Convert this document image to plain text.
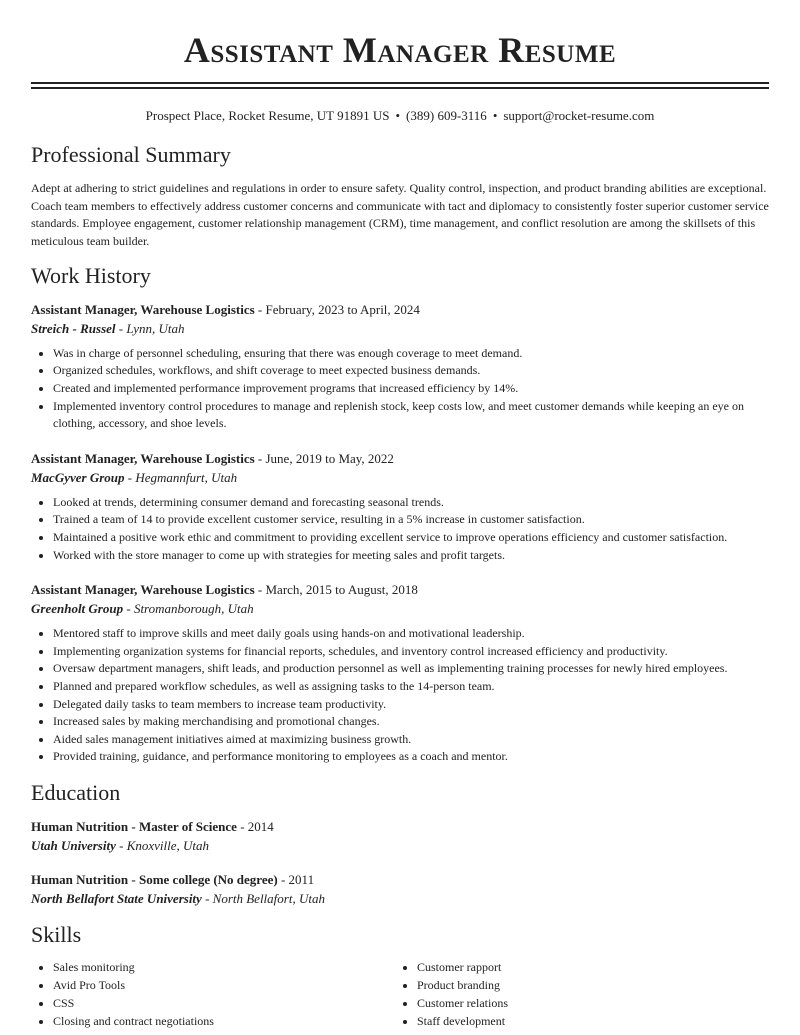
Assistant Manager Resume
Prospect Place, Rocket Resume, UT 91891 US • (389) 609-3116 • support@rocket-resume.com
Professional Summary

Adept at adhering to strict guidelines and regulations in order to ensure safety. Quality control, inspection, and product branding abilities are exceptional. Coach team members to effectively address customer concerns and communicate with tact and diplomacy to consistently foster superior customer service standards. Employee engagement, customer relationship management (CRM), time management, and conflict resolution are among the skillsets of this meticulous team builder.

Work History
Assistant Manager, Warehouse Logistics - February, 2023 to April, 2024
Streich - Russel - Lynn, Utah
• Was in charge of personnel scheduling, ensuring that there was enough coverage to meet demand.
• Organized schedules, workflows, and shift coverage to meet expected business demands.
• Created and implemented performance improvement programs that increased efficiency by 14%.
• Implemented inventory control procedures to manage and replenish stock, keep costs low, and meet customer demands while keeping an eye on clothing, accessory, and shoe levels.
Assistant Manager, Warehouse Logistics - June, 2019 to May, 2022
MacGyver Group - Hegmannfurt, Utah
• Looked at trends, determining consumer demand and forecasting seasonal trends.
• Trained a team of 14 to provide excellent customer service, resulting in a 5% increase in customer satisfaction.
• Maintained a positive work ethic and commitment to providing excellent service to improve operations efficiency and customer satisfaction.
• Worked with the store manager to come up with strategies for meeting sales and profit targets.
Assistant Manager, Warehouse Logistics - March, 2015 to August, 2018
Greenholt Group - Stromanborough, Utah
• Mentored staff to improve skills and meet daily goals using hands-on and motivational leadership.
• Implementing organization systems for financial reports, schedules, and inventory control increased efficiency and productivity.
• Oversaw department managers, shift leads, and production personnel as well as implementing training processes for newly hired employees.
• Planned and prepared workflow schedules, as well as assigning tasks to the 14-person team.
• Delegated daily tasks to team members to increase team productivity.
• Increased sales by making merchandising and promotional changes.
• Aided sales management initiatives aimed at maximizing business growth.
• Provided training, guidance, and performance monitoring to employees as a coach and mentor.
Education
Human Nutrition - Master of Science - 2014
Utah University - Knoxville, Utah
Human Nutrition - Some college (No degree) - 2011
North Bellafort State University - North Bellafort, Utah
Skills
• Sales monitoring
• Avid Pro Tools
• CSS
• Closing and contract negotiations
• Customer rapport
• Product branding
• Customer relations
• Staff development
